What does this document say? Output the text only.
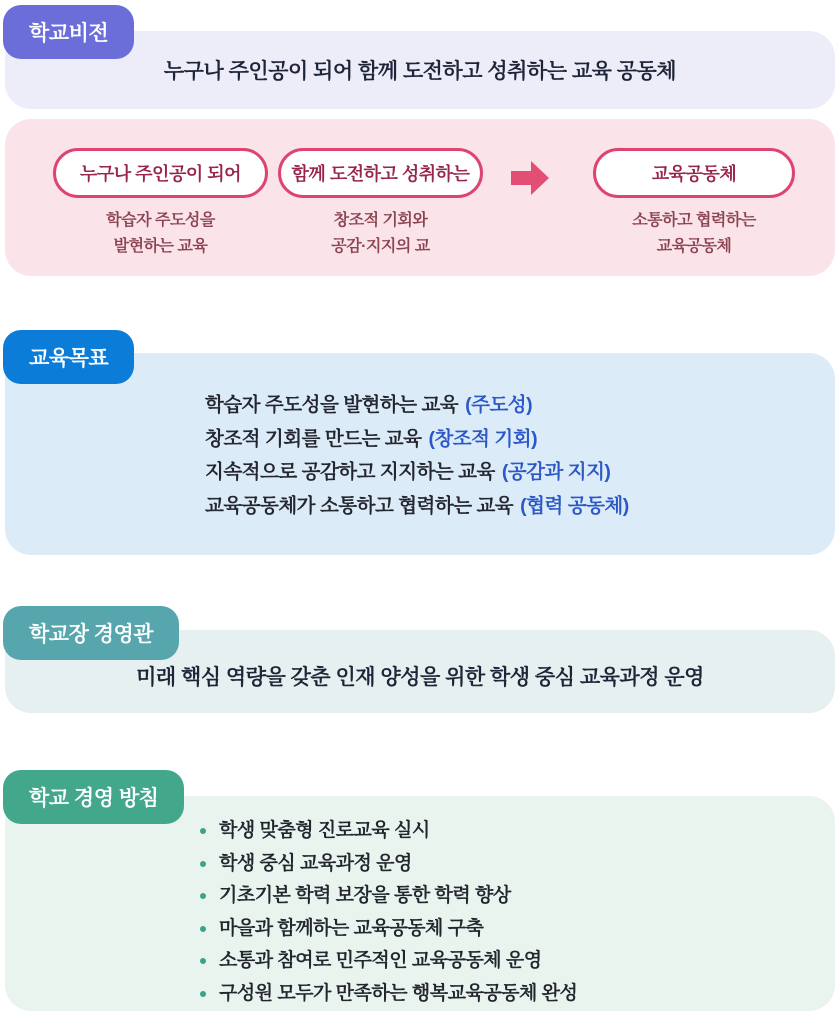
학교비전
누구나 주인공이 되어 함께 도전하고 성취하는 교육 공동체
누구나 주인공이 되어
학습자 주도성을
발현하는 교육
함께 도전하고 성취하는
창조적 기회와
공감·지지의 교
교육공동체
소통하고 협력하는
교육공동체
교육목표
학습자 주도성을 발현하는 교육 (주도성)
창조적 기회를 만드는 교육 (창조적 기회)
지속적으로 공감하고 지지하는 교육 (공감과 지지)
교육공동체가 소통하고 협력하는 교육 (협력 공동체)
학교장 경영관
미래 핵심 역량을 갖춘 인재 양성을 위한 학생 중심 교육과정 운영
학교 경영 방침
학생 맞춤형 진로교육 실시
학생 중심 교육과정 운영
기초기본 학력 보장을 통한 학력 향상
마을과 함께하는 교육공동체 구축
소통과 참여로 민주적인 교육공동체 운영
구성원 모두가 만족하는 행복교육공동체 완성
